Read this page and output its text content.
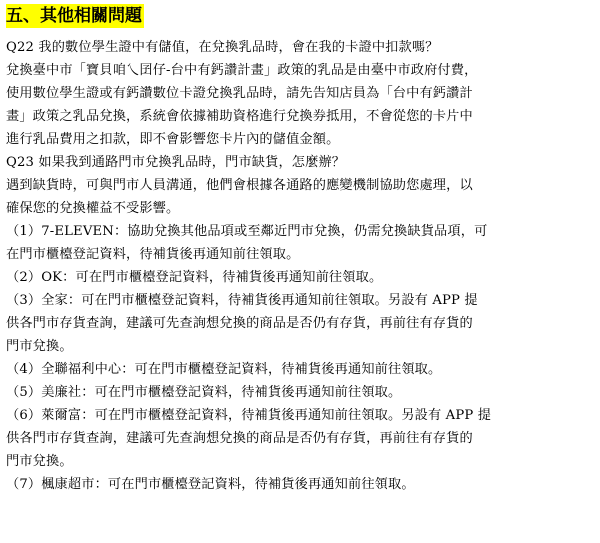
五、其他相關問題
Q22 我的數位學生證中有儲值，在兌換乳品時，會在我的卡證中扣款嗎？
兌換臺中市「寶貝咱乀囝仔-台中有鈣讚計畫」政策的乳品是由臺中市政府付費，
使用數位學生證或有鈣讚數位卡證兌換乳品時，請先告知店員為「台中有鈣讚計
畫」政策之乳品兌換，系統會依據補助資格進行兌換券抵用，不會從您的卡片中
進行乳品費用之扣款，即不會影響您卡片內的儲值金額。
Q23 如果我到通路門市兌換乳品時，門市缺貨，怎麼辦？
遇到缺貨時，可與門市人員溝通，他們會根據各通路的應變機制協助您處理，以
確保您的兌換權益不受影響。
（1）7-ELEVEN：協助兌換其他品項或至鄰近門市兌換，仍需兌換缺貨品項，可
在門市櫃檯登記資料，待補貨後再通知前往領取。
（2）OK：可在門市櫃檯登記資料，待補貨後再通知前往領取。
（3）全家：可在門市櫃檯登記資料，待補貨後再通知前往領取。另設有 APP 提
供各門市存貨查詢，建議可先查詢想兌換的商品是否仍有存貨，再前往有存貨的
門市兌換。
（4）全聯福利中心：可在門市櫃檯登記資料，待補貨後再通知前往領取。
（5）美廉社：可在門市櫃檯登記資料，待補貨後再通知前往領取。
（6）萊爾富：可在門市櫃檯登記資料，待補貨後再通知前往領取。另設有 APP 提
供各門市存貨查詢，建議可先查詢想兌換的商品是否仍有存貨，再前往有存貨的
門市兌換。
（7）楓康超市：可在門市櫃檯登記資料，待補貨後再通知前往領取。
